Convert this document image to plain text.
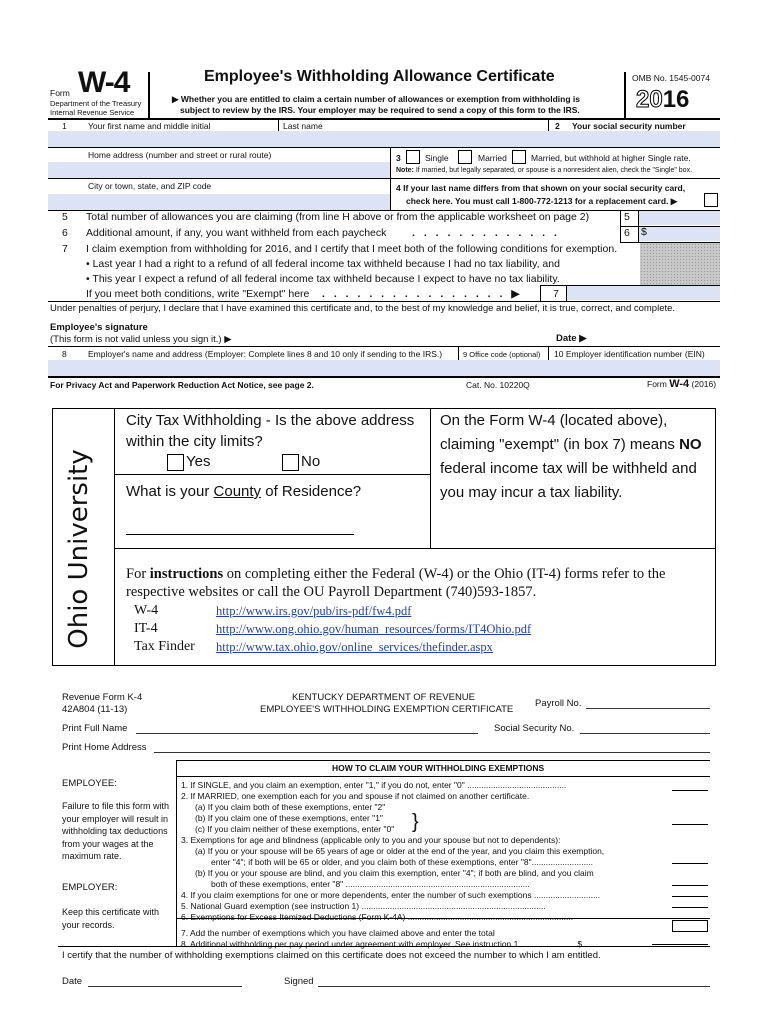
Form W-4
Department of the Treasury
Internal Revenue Service
Employee's Withholding Allowance Certificate
▶ Whether you are entitled to claim a certain number of allowances or exemption from withholding is
subject to review by the IRS. Your employer may be required to send a copy of this form to the IRS.
OMB No. 1545-0074
2016
1	Your first name and middle initial	Last name	2 Your social security number
Home address (number and street or rural route)	3	Single	Married	Married, but withhold at higher Single rate.
Note: If married, but legally separated, or spouse is a nonresident alien, check the "Single" box.
City or town, state, and ZIP code	4 If your last name differs from that shown on your social security card,
check here. You must call 1-800-772-1213 for a replacement card. ▶
5 Total number of allowances you are claiming (from line H above or from the applicable worksheet on page 2)
6 Additional amount, if any, you want withheld from each paycheck . . . . . . . . . . . . .
7 I claim exemption from withholding for 2016, and I certify that I meet both of the following conditions for exemption.
• Last year I had a right to a refund of all federal income tax withheld because I had no tax liability, and
• This year I expect a refund of all federal income tax withheld because I expect to have no tax liability.
If you meet both conditions, write "Exempt" here . . . . . . . . . . . . . . . . ▶
5
6 $
7
Under penalties of perjury, I declare that I have examined this certificate and, to the best of my knowledge and belief, it is true, correct, and complete.
Employee's signature
(This form is not valid unless you sign it.) ▶	Date ▶
8	Employer's name and address (Employer: Complete lines 8 and 10 only if sending to the IRS.)	9 Office code (optional) 10 Employer identification number (EIN)
For Privacy Act and Paperwork Reduction Act Notice, see page 2.	Cat. No. 10220Q	Form W-4 (2016)
Ohio University
City Tax Withholding - Is the above address
within the city limits?
Yes	No
What is your County of Residence?
On the Form W-4 (located above),
claiming "exempt" (in box 7) means NO
federal income tax will be withheld and
you may incur a tax liability.
For instructions on completing either the Federal (W-4) or the Ohio (IT-4) forms refer to the
respective websites or call the OU Payroll Department (740)593-1857.
W-4	http://www.irs.gov/pub/irs-pdf/fw4.pdf
IT-4	http://www.ong.ohio.gov/human_resources/forms/IT4Ohio.pdf
Tax Finder http://www.tax.ohio.gov/online_services/thefinder.aspx
Revenue Form K-4
42A804 (11-13)
KENTUCKY DEPARTMENT OF REVENUE
EMPLOYEE'S WITHHOLDING EXEMPTION CERTIFICATE
Payroll No.
Print Full Name	Social Security No.
Print Home Address
HOW TO CLAIM YOUR WITHHOLDING EXEMPTIONS
EMPLOYEE:
Failure to file this form with
your employer will result in
withholding tax deductions
from your wages at the
maximum rate.
EMPLOYER:
Keep this certificate with
your records.
1. If SINGLE, and you claim an exemption, enter "1," if you do not, enter "0" ..........................................
2. If MARRIED, one exemption each for you and spouse if not claimed on another certificate.
(a) If you claim both of these exemptions, enter "2"
(b) If you claim one of these exemptions, enter "1"
(c) If you claim neither of these exemptions, enter "0"
3. Exemptions for age and blindness (applicable only to you and your spouse but not to dependents):
(a) If you or your spouse will be 65 years of age or older at the end of the year, and you claim this exemption,
enter "4"; if both will be 65 or older, and you claim both of these exemptions, enter "8"..........................
(b) If you or your spouse are blind, and you claim this exemption, enter "4"; if both are blind, and you claim
both of these exemptions, enter "8" ..............................................................................
4. If you claim exemptions for one or more dependents, enter the number of such exemptions ............................
5. National Guard exemption (see instruction 1) ..............................................................................
6. Exemptions for Excess Itemized Deductions (Form K-4A) ......................................................................
7. Add the number of exemptions which you have claimed above and enter the total
8. Additional withholding per pay period under agreement with employer. See instruction 1 ........................$
}
I certify that the number of withholding exemptions claimed on this certificate does not exceed the number to which I am entitled.
Date	Signed
